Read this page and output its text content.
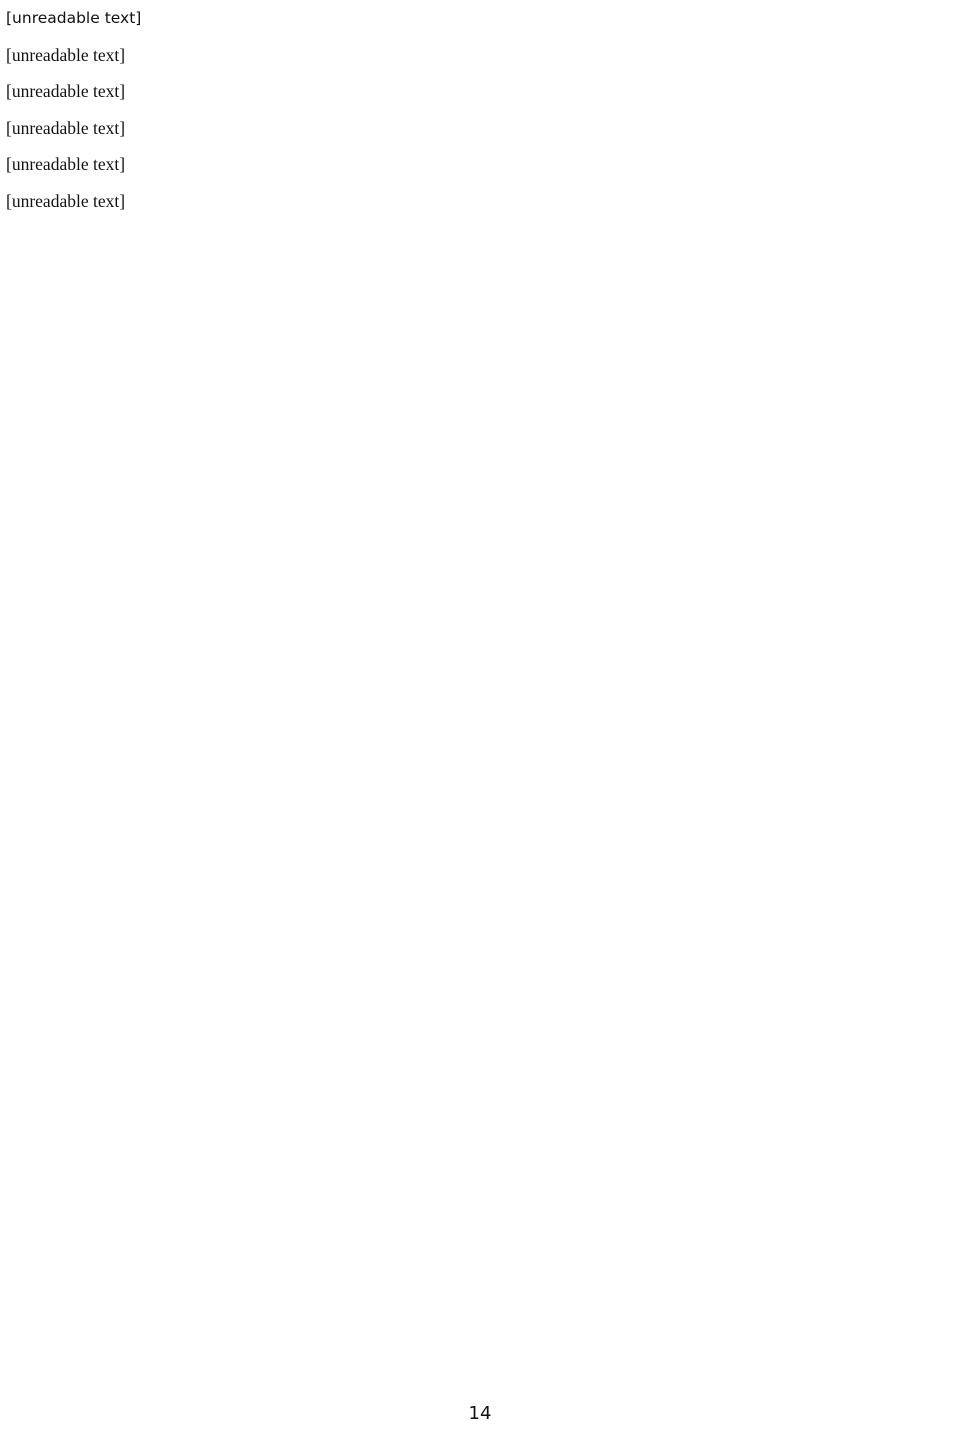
[unreadable text]
[unreadable text]
[unreadable text]
[unreadable text]
[unreadable text]
[unreadable text]
14
